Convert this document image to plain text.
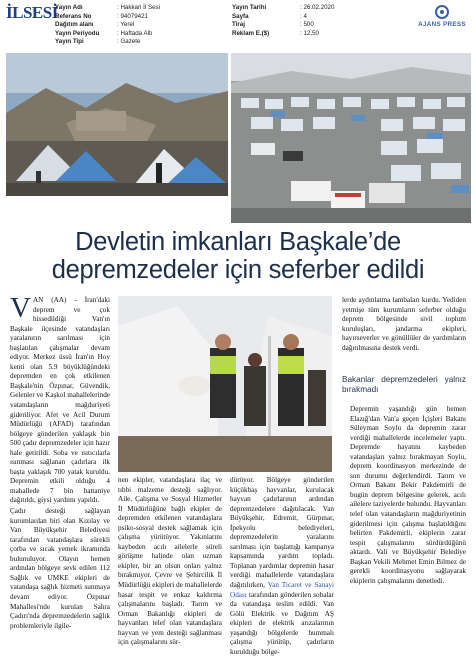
İLSESİ
Yayın Adı	: Hakkari İl Sesi
Referans No	: 94079421
Dağıtım alanı	: Yerel
Yayın Periyodu	: Haftada Altı
Yayın Tipi	: Gazete
Yayın Tarihi	: 26.02.2020
Sayfa	: 4
Tiraj	: 500
Reklam E.($)	: 12,50
AJANS PRESS
Devletin imkanları Başkale’de
depremzedeler için seferber edildi

VAN (AA) - İran'daki deprem ve çok hissedildiği Van'ın Başkale ilçesinde vatandaşları yaralanırın sarılması için başlatılan çalışmalar devam ediyor. Merkez üssü İran'ın Hoy kenti olan 5.9 büyüklüğündeki depremden en çok etkilenen Başkale'nin Özpınar, Güvendik, Gelenler ve Kaşkol mahallelerinde vatandaşların mağduriyeti gideriliyor. Afet ve Acil Durum Müdürlüğü (AFAD) tarafından bölgeye gönderilen yaklaşık bin 500 çadır depremzedeler için hazır hale getirildi. Soba ve ısıtıcılarla ısınması sağlanan çadırlara ilk başta yaklaşık 700 yatak kuruldu. Depremin etkili olduğu 4 mahallede 7 bin battaniye dağıtıldı, giysi yardımı yapıldı.

Çadır desteği sağlayan kurumlardan biri olan Kızılay ve Van Büyükşehir Belediyesi tarafından vatandaşlara sürekli çorba ve sıcak yemek ikramında bulunuluyor. Olayın hemen ardından bölgeye sevk edilen 112 Sağlık ve UMKE ekipleri de vatandaşa sağlık hizmeti sunmaya devam ediyor. Özpınar Mahallesi'nde kurulan Sahra Çadırı'nda depremzedelerin sağlık problemleriyle ilgile-

nen ekipler, vatandaşlara ilaç ve tıbbi malzeme desteği sağlıyor. Aile, Çalışma ve Sosyal Hizmetler İl Müdürlüğüne bağlı ekipler de depremden etkilenen vatandaşlara psiko-sosyal destek sağlamak için çalışma yürütüyor. Yakınlarını kaybeden acılı ailelerle süreli görüşme halinde olan uzman ekipler, bir an olsun onları yalnız bırakmıyor. Çevre ve Şehircilik İl Müdürlüğü ekipleri de mahallelerde hasar tespit ve enkaz kaldırma çalışmalarını başladı. Tarım ve Orman Bakanlığı ekipleri de hayvanları telef olan vatandaşlara hayvan ve yem desteği sağlanması için çalışmalarını sür-

dürüyor. Bölgeye gönderilen küçükbaş hayvanlar, kurulacak hayvan çadırlarının ardından depremzedelere dağıtılacak. Van Büyükşehir, Edremit, Gürpınar, İpekyolu belediyeleri, depremzedelerin yaralarını sarılması için başlattığı kampanya kapsamında yardım topladı. Toplanan yardımlar depremin hasar verdiği mahallelerde vatandaşlara dağıtılırken, Van Ticaret ve Sanayi Odası tarafından gönderilen sobalar da vatandaşa teslim edildi. Van Gölü Elektrik ve Dağıtım AŞ ekipleri de elektrik arızalarının yaşandığı bölgelerde hummalı çalışma yürütüp, çadırların kurulduğu bölge-

lerde aydınlatma lambaları kurdu. Yediden yetmişe tüm kurumların seferber olduğu deprem bölgesinde sivil toplum kuruluşları, jandarma ekipleri, hayırseverler ve gönüllüler de yardımların dağıtılmasına destek verdi.

Bakanlar depremzedeleri yalnız bırakmadı

Depremin yaşandığı gün hemen Elazığ'dan Van'a geçen İçişleri Bakanı Süleyman Soylu da depremin zarar verdiği mahallelerde incelemeler yaptı. Depremde hayatını kaybeden vatandaşları yalnız bırakmayan Soylu, deprem koordinasyon merkezinde de son durumu değerlendirdi. Tarım ve Orman Bakanı Bekir Pakdemirli de bugün deprem bölgesine gelerek, acılı ailelere taziyelerde bulundu. Hayvanları telef olan vatandaşların mağduriyetinin giderilmesi için çalışma başlatıldığını belirten Pakdemirli, ekiplerin zarar tespit çalışmalarını sürdürdüğünü aktardı. Vali ve Büyükşehir Belediye Başkan Vekili Mehmet Emin Bilmez de gerekli koordinasyonu sağlayarak ekiplerin çalışmalarını denetledi.
